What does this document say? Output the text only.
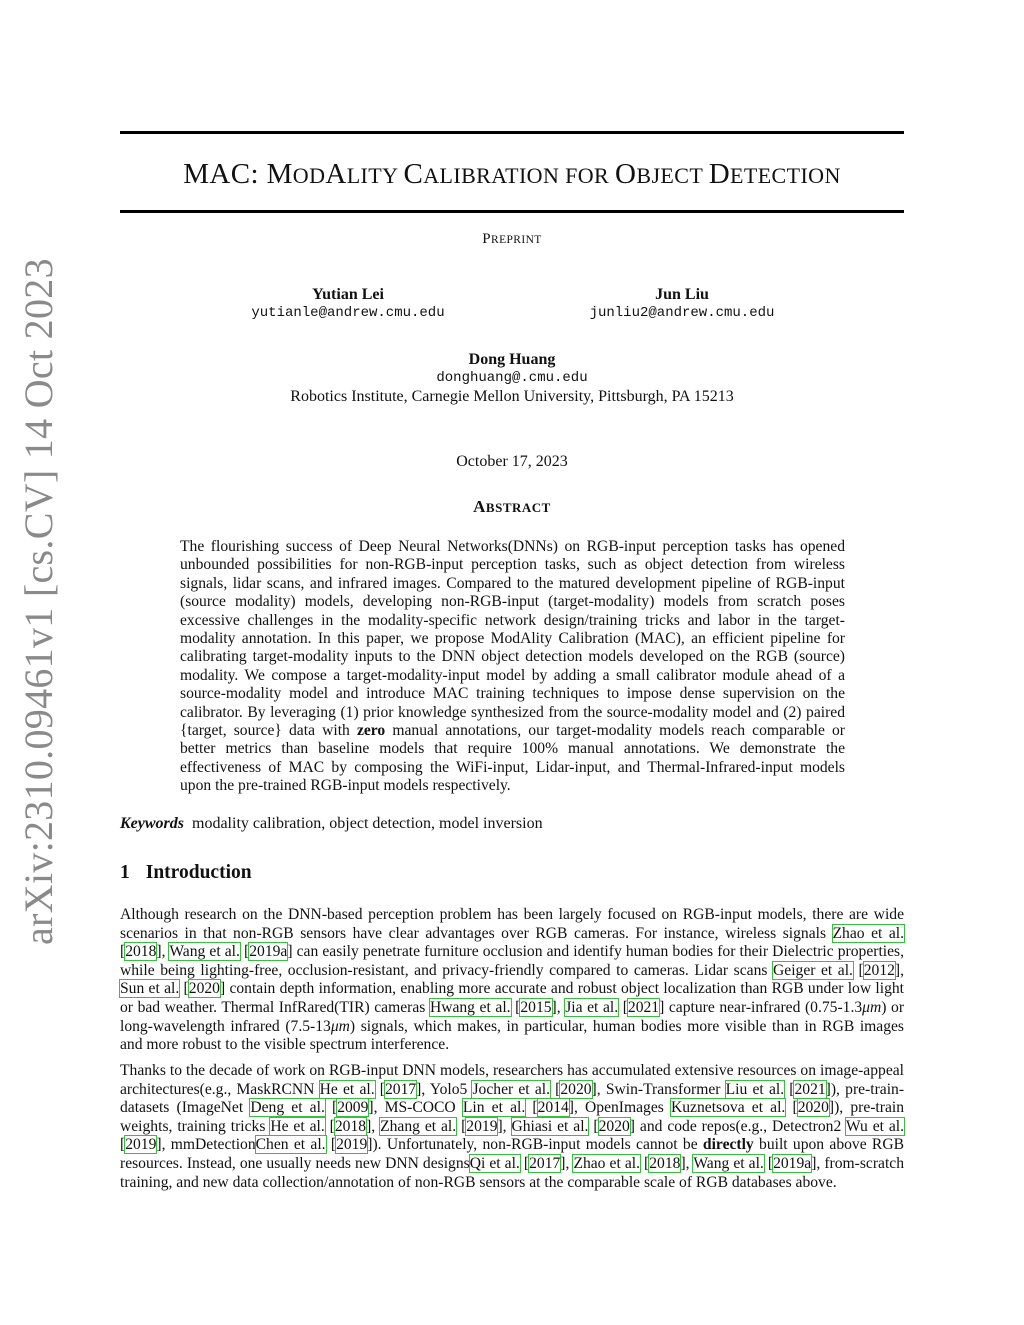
arXiv:2310.09461v1 [cs.CV] 14 Oct 2023
MAC: MODALITY CALIBRATION FOR OBJECT DETECTION
PREPRINT
Yutian Lei
yutianle@andrew.cmu.edu
Jun Liu
junliu2@andrew.cmu.edu
Dong Huang
donghuang@.cmu.edu
Robotics Institute, Carnegie Mellon University, Pittsburgh, PA 15213
October 17, 2023
ABSTRACT

The flourishing success of Deep Neural Networks(DNNs) on RGB-input perception tasks has opened unbounded possibilities for non-RGB-input perception tasks, such as object detection from wireless signals, lidar scans, and infrared images. Compared to the matured development pipeline of RGB-input (source modality) models, developing non-RGB-input (target-modality) models from scratch poses excessive challenges in the modality-specific network design/training tricks and labor in the target-modality annotation. In this paper, we propose ModAlity Calibration (MAC), an efficient pipeline for calibrating target-modality inputs to the DNN object detection models developed on the RGB (source) modality. We compose a target-modality-input model by adding a small calibrator module ahead of a source-modality model and introduce MAC training techniques to impose dense supervision on the calibrator. By leveraging (1) prior knowledge synthesized from the source-modality model and (2) paired {target, source} data with zero manual annotations, our target-modality models reach comparable or better metrics than baseline models that require 100% manual annotations. We demonstrate the effectiveness of MAC by composing the WiFi-input, Lidar-input, and Thermal-Infrared-input models upon the pre-trained RGB-input models respectively.

Keywords modality calibration, object detection, model inversion
1 Introduction

Although research on the DNN-based perception problem has been largely focused on RGB-input models, there are wide scenarios in that non-RGB sensors have clear advantages over RGB cameras. For instance, wireless signals Zhao et al. [2018], Wang et al. [2019a] can easily penetrate furniture occlusion and identify human bodies for their Dielectric properties, while being lighting-free, occlusion-resistant, and privacy-friendly compared to cameras. Lidar scans Geiger et al. [2012], Sun et al. [2020] contain depth information, enabling more accurate and robust object localization than RGB under low light or bad weather. Thermal InfRared(TIR) cameras Hwang et al. [2015], Jia et al. [2021] capture near-infrared (0.75-1.3μm) or long-wavelength infrared (7.5-13μm) signals, which makes, in particular, human bodies more visible than in RGB images and more robust to the visible spectrum interference.

Thanks to the decade of work on RGB-input DNN models, researchers has accumulated extensive resources on image-appeal architectures(e.g., MaskRCNN He et al. [2017], Yolo5 Jocher et al. [2020], Swin-Transformer Liu et al. [2021]), pre-train-datasets (ImageNet Deng et al. [2009], MS-COCO Lin et al. [2014], OpenImages Kuznetsova et al. [2020]), pre-train weights, training tricks He et al. [2018], Zhang et al. [2019], Ghiasi et al. [2020] and code repos(e.g., Detectron2 Wu et al. [2019], mmDetectionChen et al. [2019]). Unfortunately, non-RGB-input models cannot be directly built upon above RGB resources. Instead, one usually needs new DNN designsQi et al. [2017], Zhao et al. [2018], Wang et al. [2019a], from-scratch training, and new data collection/annotation of non-RGB sensors at the comparable scale of RGB databases above.
